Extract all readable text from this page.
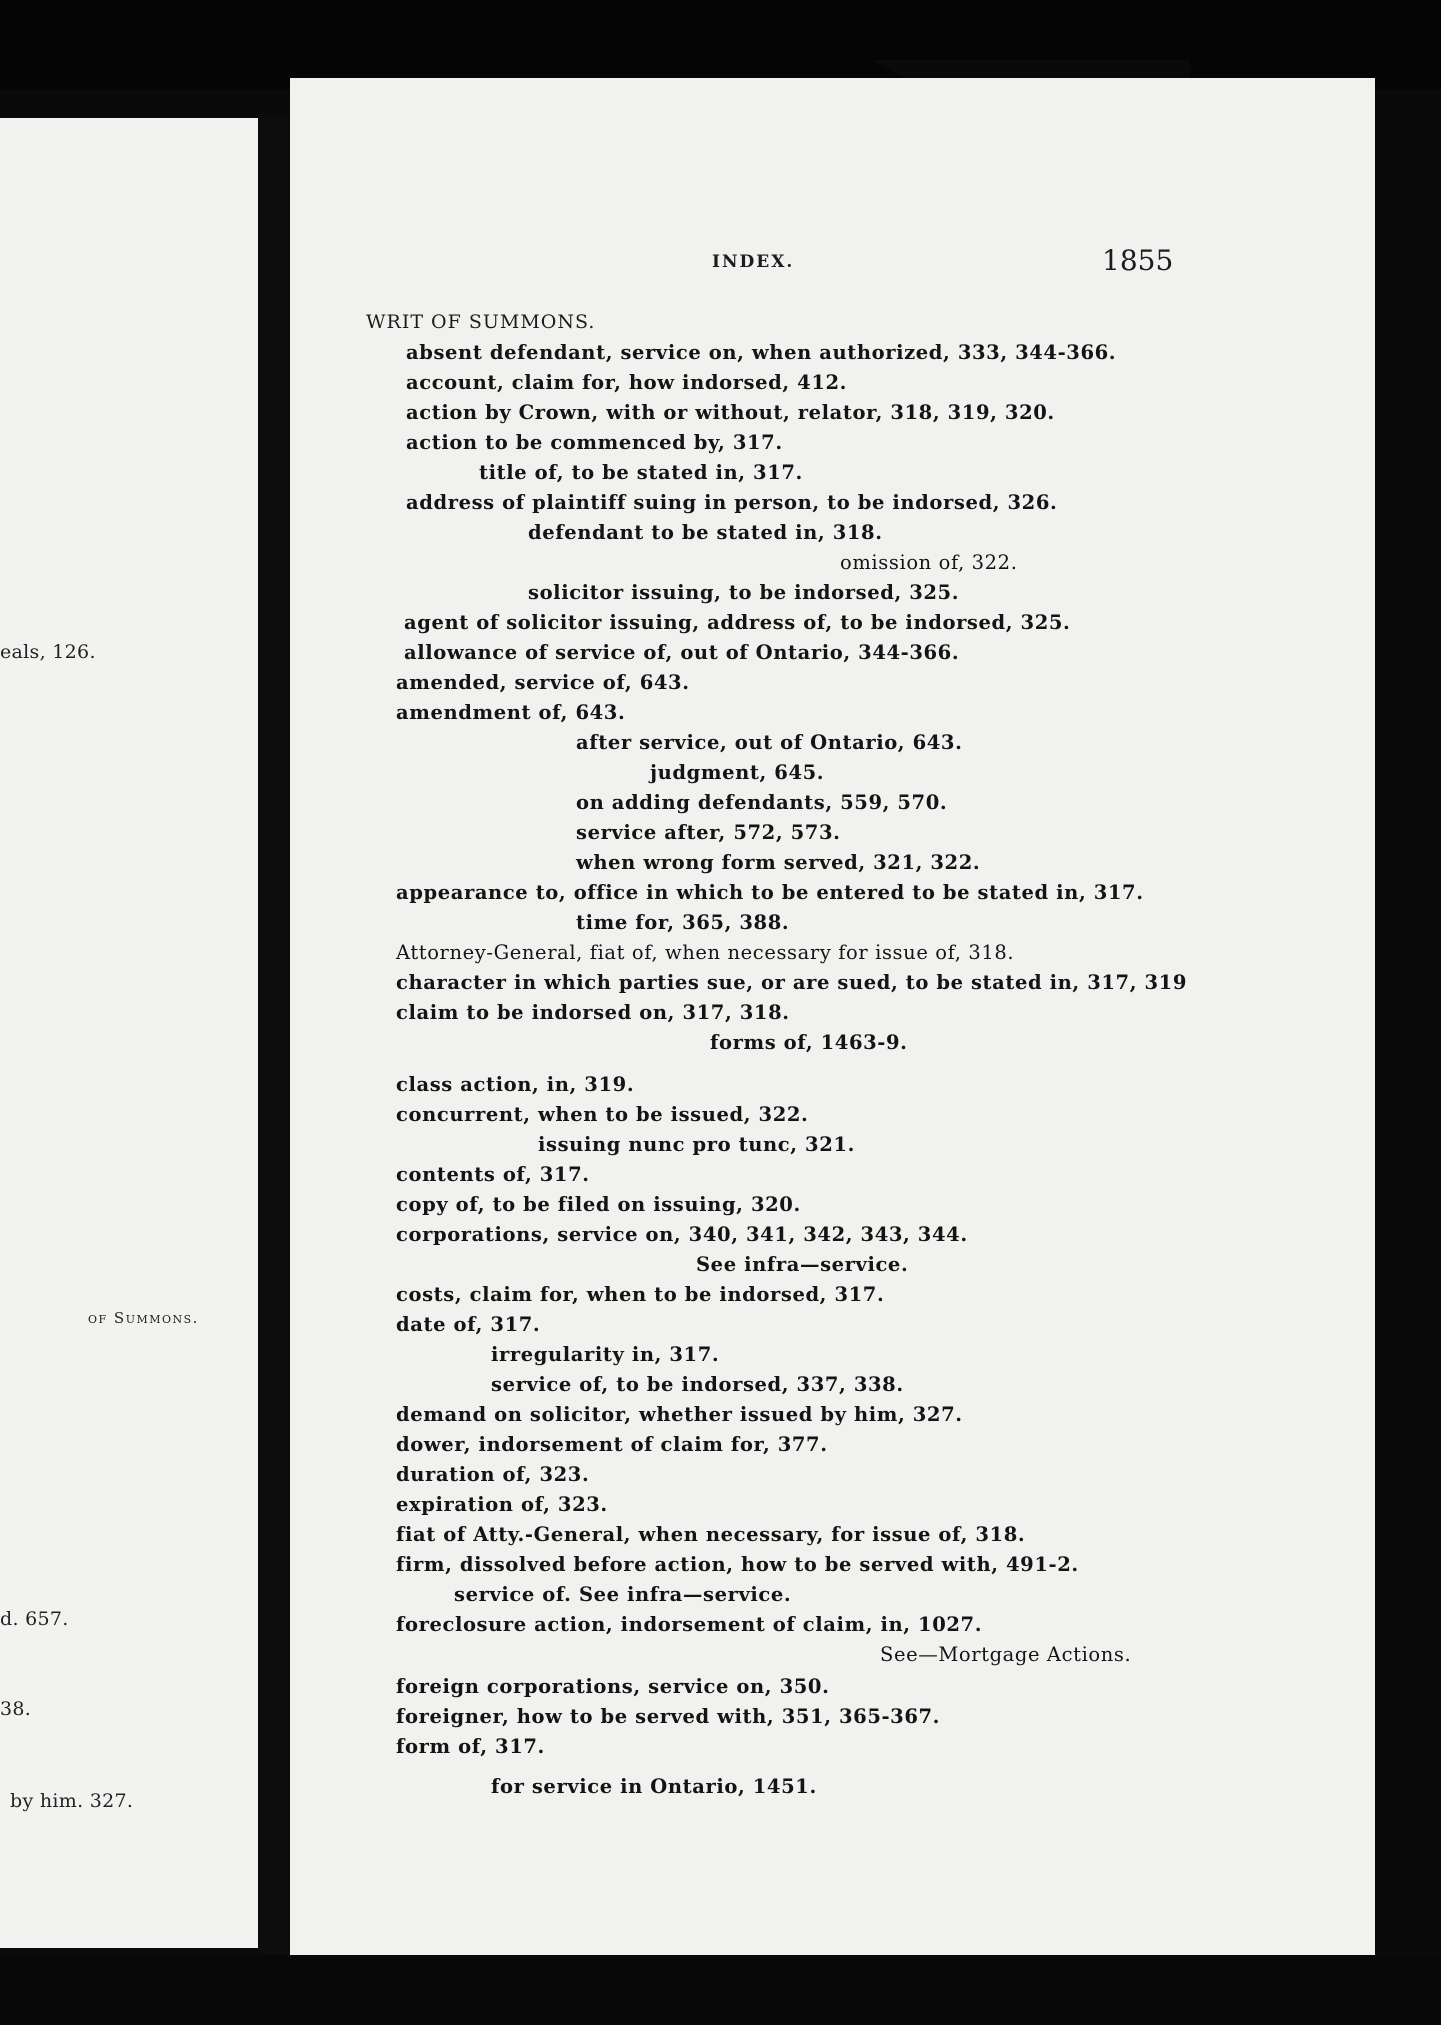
eals, 126.
of Summons.
d. 657.
38.
by him. 327.
INDEX.	1855
WRIT OF SUMMONS.
absent defendant, service on, when authorized, 333, 344-366.
account, claim for, how indorsed, 412.
action by Crown, with or without, relator, 318, 319, 320.
action to be commenced by, 317.
title of, to be stated in, 317.
address of plaintiff suing in person, to be indorsed, 326.
defendant to be stated in, 318.
omission of, 322.
solicitor issuing, to be indorsed, 325.
agent of solicitor issuing, address of, to be indorsed, 325.
allowance of service of, out of Ontario, 344-366.
amended, service of, 643.
amendment of, 643.
after service, out of Ontario, 643.
judgment, 645.
on adding defendants, 559, 570.
service after, 572, 573.
when wrong form served, 321, 322.
appearance to, office in which to be entered to be stated in, 317.
time for, 365, 388.
Attorney-General, fiat of, when necessary for issue of, 318.
character in which parties sue, or are sued, to be stated in, 317, 319
claim to be indorsed on, 317, 318.
forms of, 1463-9.
class action, in, 319.
concurrent, when to be issued, 322.
issuing nunc pro tunc, 321.
contents of, 317.
copy of, to be filed on issuing, 320.
corporations, service on, 340, 341, 342, 343, 344.
See infra—service.
costs, claim for, when to be indorsed, 317.
date of, 317.
irregularity in, 317.
service of, to be indorsed, 337, 338.
demand on solicitor, whether issued by him, 327.
dower, indorsement of claim for, 377.
duration of, 323.
expiration of, 323.
fiat of Atty.-General, when necessary, for issue of, 318.
firm, dissolved before action, how to be served with, 491-2.
service of. See infra—service.
foreclosure action, indorsement of claim, in, 1027.
See—Mortgage Actions.
foreign corporations, service on, 350.
foreigner, how to be served with, 351, 365-367.
form of, 317.
for service in Ontario, 1451.
